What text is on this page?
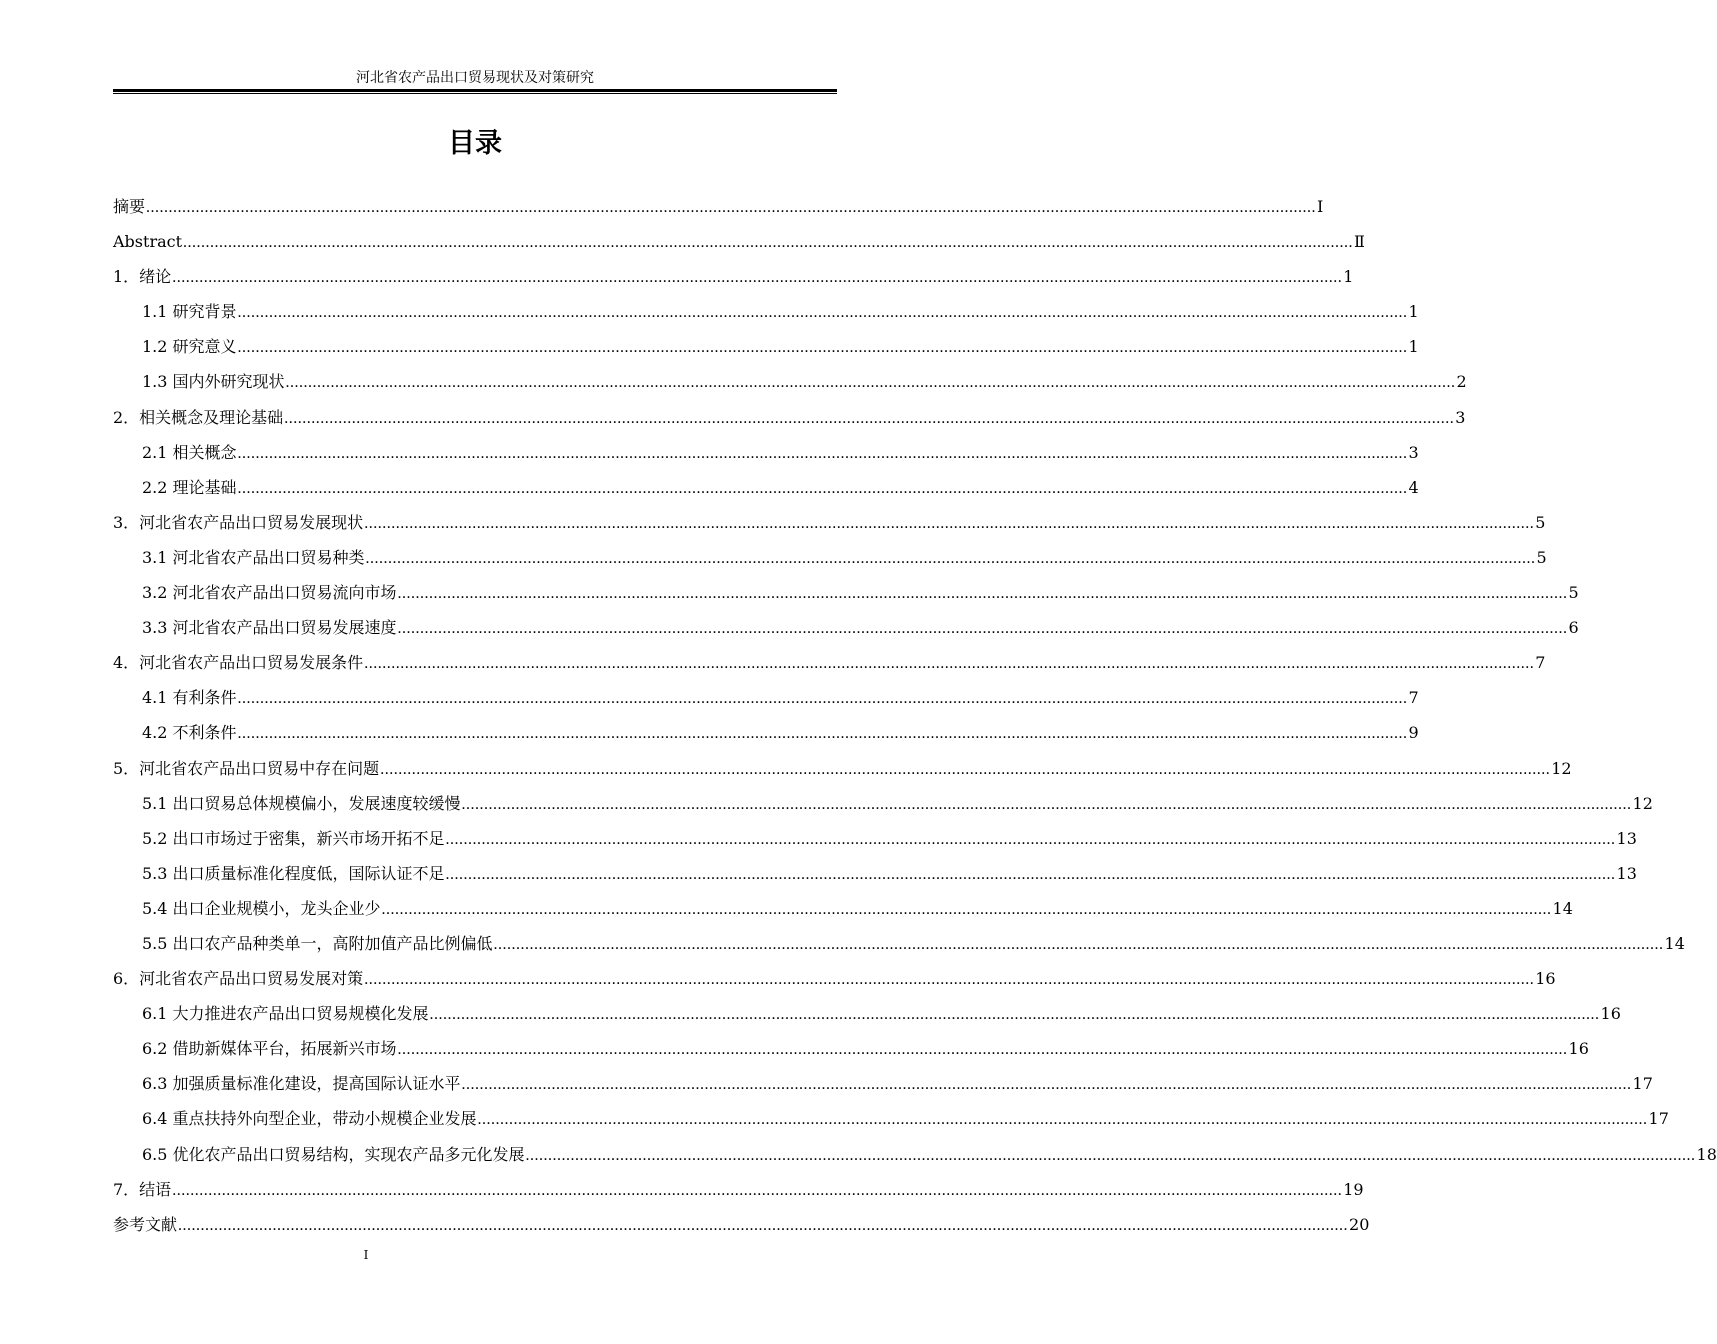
河北省农产品出口贸易现状及对策研究
目录
摘要 .................................................................................................................................................................................................................................................................... I
Abstract .................................................................................................................................................................................................................................................................... Ⅱ
1．绪论 .................................................................................................................................................................................................................................................................... 1
1.1 研究背景 .................................................................................................................................................................................................................................................................... 1
1.2 研究意义 .................................................................................................................................................................................................................................................................... 1
1.3 国内外研究现状 .................................................................................................................................................................................................................................................................... 2
2．相关概念及理论基础 .................................................................................................................................................................................................................................................................... 3
2.1 相关概念 .................................................................................................................................................................................................................................................................... 3
2.2 理论基础 .................................................................................................................................................................................................................................................................... 4
3．河北省农产品出口贸易发展现状 .................................................................................................................................................................................................................................................................... 5
3.1 河北省农产品出口贸易种类 .................................................................................................................................................................................................................................................................... 5
3.2 河北省农产品出口贸易流向市场 .................................................................................................................................................................................................................................................................... 5
3.3 河北省农产品出口贸易发展速度 .................................................................................................................................................................................................................................................................... 6
4．河北省农产品出口贸易发展条件 .................................................................................................................................................................................................................................................................... 7
4.1 有利条件 .................................................................................................................................................................................................................................................................... 7
4.2 不利条件 .................................................................................................................................................................................................................................................................... 9
5．河北省农产品出口贸易中存在问题 .................................................................................................................................................................................................................................................................... 12
5.1 出口贸易总体规模偏小，发展速度较缓慢 .................................................................................................................................................................................................................................................................... 12
5.2 出口市场过于密集，新兴市场开拓不足 .................................................................................................................................................................................................................................................................... 13
5.3 出口质量标准化程度低，国际认证不足 .................................................................................................................................................................................................................................................................... 13
5.4 出口企业规模小，龙头企业少 .................................................................................................................................................................................................................................................................... 14
5.5 出口农产品种类单一，高附加值产品比例偏低 .................................................................................................................................................................................................................................................................... 14
6．河北省农产品出口贸易发展对策 .................................................................................................................................................................................................................................................................... 16
6.1 大力推进农产品出口贸易规模化发展 .................................................................................................................................................................................................................................................................... 16
6.2 借助新媒体平台，拓展新兴市场 .................................................................................................................................................................................................................................................................... 16
6.3 加强质量标准化建设，提高国际认证水平 .................................................................................................................................................................................................................................................................... 17
6.4 重点扶持外向型企业，带动小规模企业发展 .................................................................................................................................................................................................................................................................... 17
6.5 优化农产品出口贸易结构，实现农产品多元化发展 .................................................................................................................................................................................................................................................................... 18
7．结语 .................................................................................................................................................................................................................................................................... 19
参考文献 .................................................................................................................................................................................................................................................................... 20
I
